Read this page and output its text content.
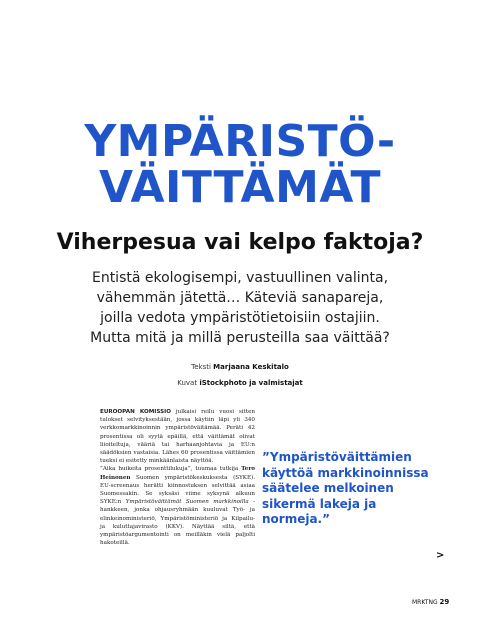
YMPÄRISTÖ-
VÄITTÄMÄT
Viherpesua vai kelpo faktoja?
Entistä ekologisempi, vastuullinen valinta,
vähemmän jätettä… Käteviä sanapareja,
joilla vedota ympäristötietoisiin ostajiin.
Mutta mitä ja millä perusteilla saa väittää?
Teksti Marjaana Keskitalo
Kuvat iStockphoto ja valmistajat

EUROOPAN KOMISSIO julkaisi reilu vuosi sitten tulokset selvityksestään, jossa käytiin läpi yli 340 verkkomarkkinoinnin ympäristöväitämää. Peräti 42 prosentissa oli syytä epäillä, että väittämät olivat liioiteltuja, vääriä tai harhaanjohtavia ja EU:n säädöksien vastaisia. Lähes 60 prosentissa väittämien tueksi ei esitetty minkäänlaista näyttöä.

”Aika huikeita prosenttilukuja”, tuumaa tutkija Tero Heinonen Suomen ympäristökeskuksesta (SYKE). EU-screenaus herätti kiinnostuksen selvittää asiaa Suomessakin. Se syksäsi viime syksynä alkuun SYKE:n Ympäristöväittämät Suomen markkinoilla -hankkeen, jonka ohjausryhmään kuuluvat Työ- ja elinkeinoministeriö, Ympäristöministeriö ja Kilpailu- ja kuluttajavirasto (KKV). Näyttää siltä, että ympäristöargumentointi on meilläkin vielä paljolti hakoteillä.

”Ympäristöväittämien
käyttöä markkinoinnissa
säätelee melkoinen
sikermä lakeja ja
normeja.”
>
MRKTNG 29
